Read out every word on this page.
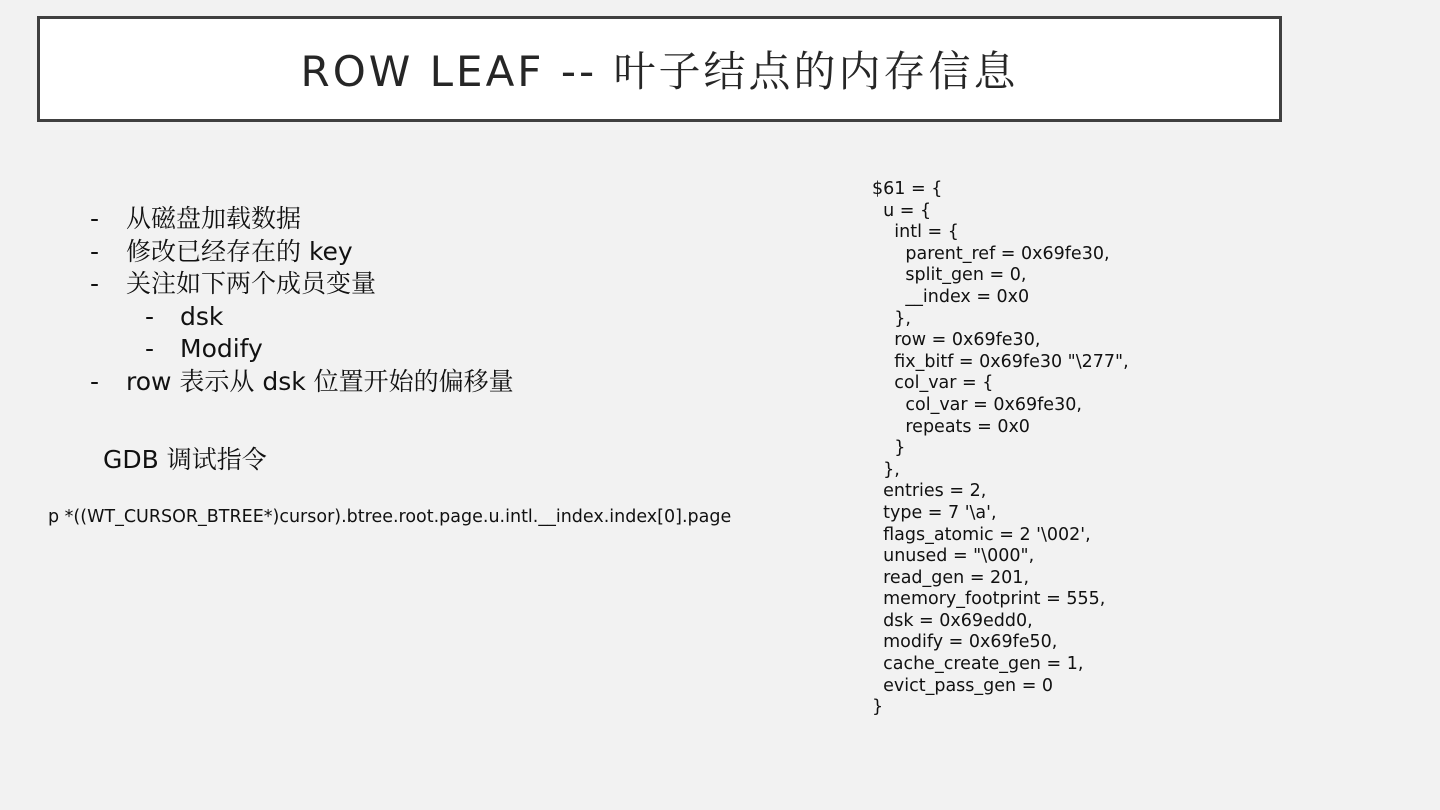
ROW LEAF -- 叶子结点的内存信息
-	从磁盘加载数据
-	修改已经存在的 key
-	关注如下两个成员变量
-	dsk
-	Modify
-	row 表示从 dsk 位置开始的偏移量
GDB 调试指令
p *((WT_CURSOR_BTREE*)cursor).btree.root.page.u.intl.__index.index[0].page
$61 = {
u = {
intl = {
parent_ref = 0x69fe30,
split_gen = 0,
__index = 0x0
},
row = 0x69fe30,
fix_bitf = 0x69fe30 "\277",
col_var = {
col_var = 0x69fe30,
repeats = 0x0
}
},
entries = 2,
type = 7 '\a',
flags_atomic = 2 '\002',
unused = "\000",
read_gen = 201,
memory_footprint = 555,
dsk = 0x69edd0,
modify = 0x69fe50,
cache_create_gen = 1,
evict_pass_gen = 0
}
